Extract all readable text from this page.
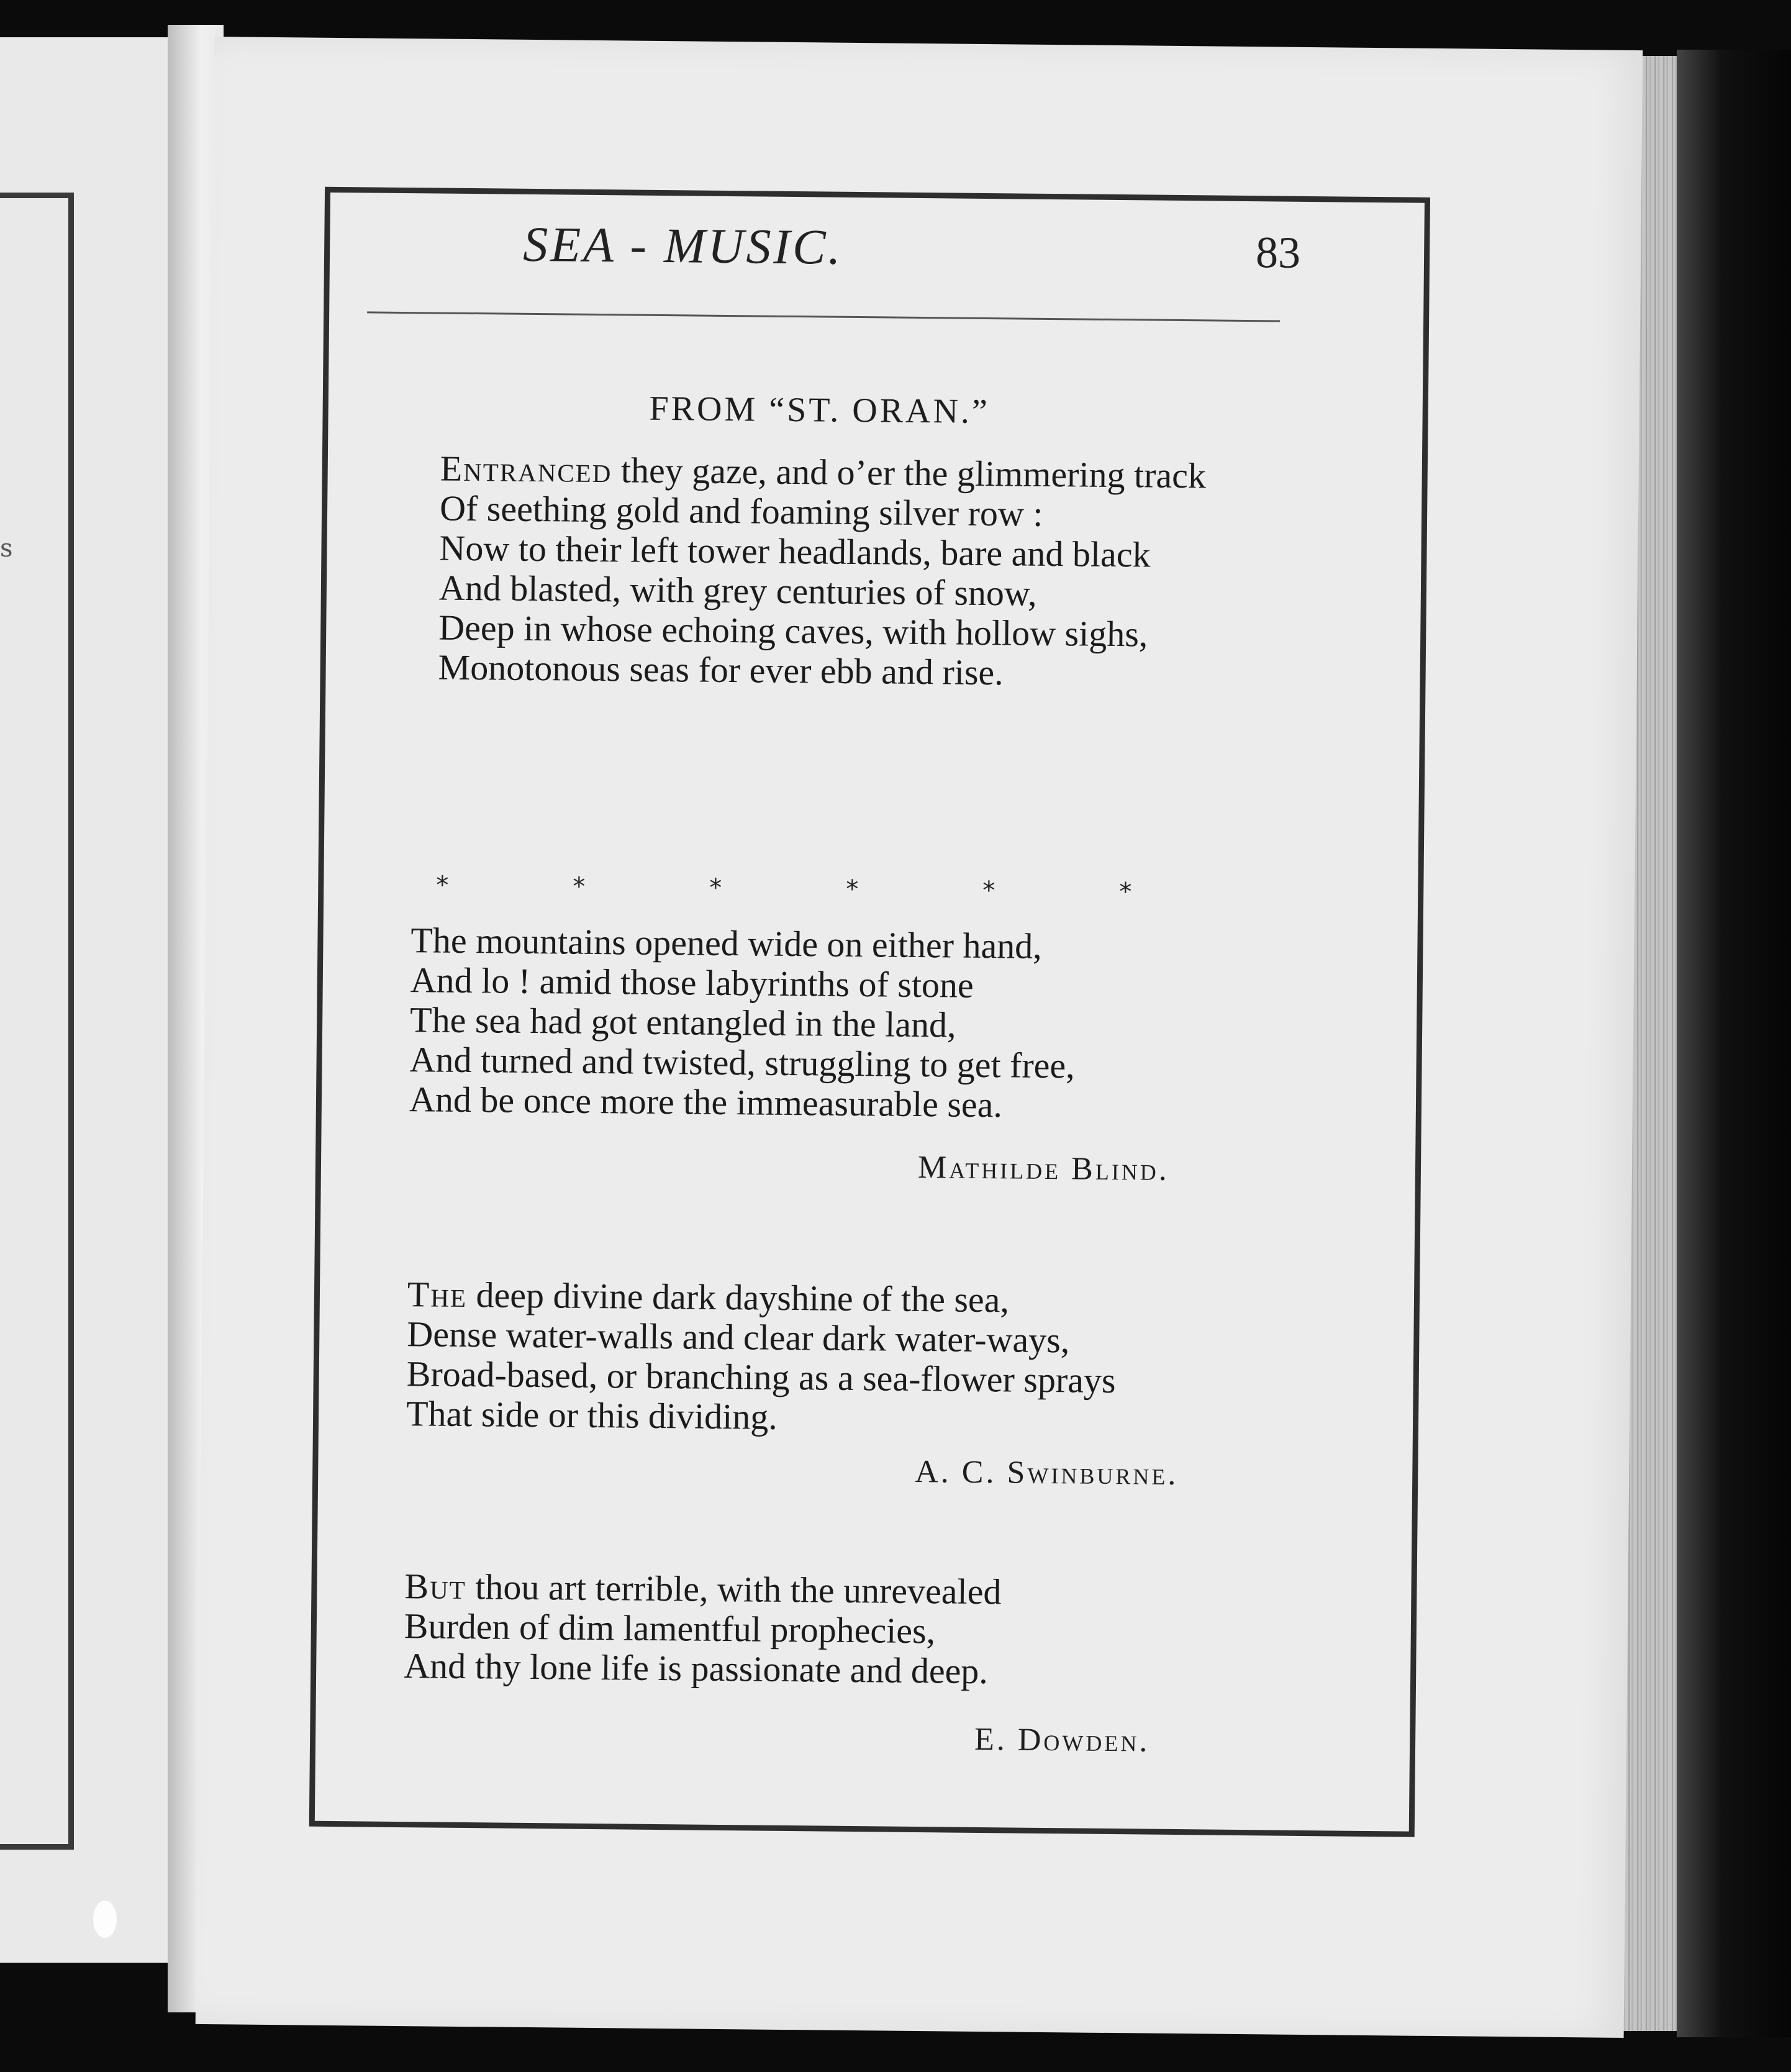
s
SEA - MUSIC.	83
FROM “ST. ORAN.”
Entranced they gaze, and o’er the glimmering track
Of seething gold and foaming silver row :
Now to their left tower headlands, bare and black
And blasted, with grey centuries of snow,
Deep in whose echoing caves, with hollow sighs,
Monotonous seas for ever ebb and rise.
*	*	*	*	*	*
The mountains opened wide on either hand,
And lo ! amid those labyrinths of stone
The sea had got entangled in the land,
And turned and twisted, struggling to get free,
And be once more the immeasurable sea.
Mathilde Blind.
The deep divine dark dayshine of the sea,
Dense water-walls and clear dark water-ways,
Broad-based, or branching as a sea-flower sprays
That side or this dividing.
A. C. Swinburne.
But thou art terrible, with the unrevealed
Burden of dim lamentful prophecies,
And thy lone life is passionate and deep.
E. Dowden.
